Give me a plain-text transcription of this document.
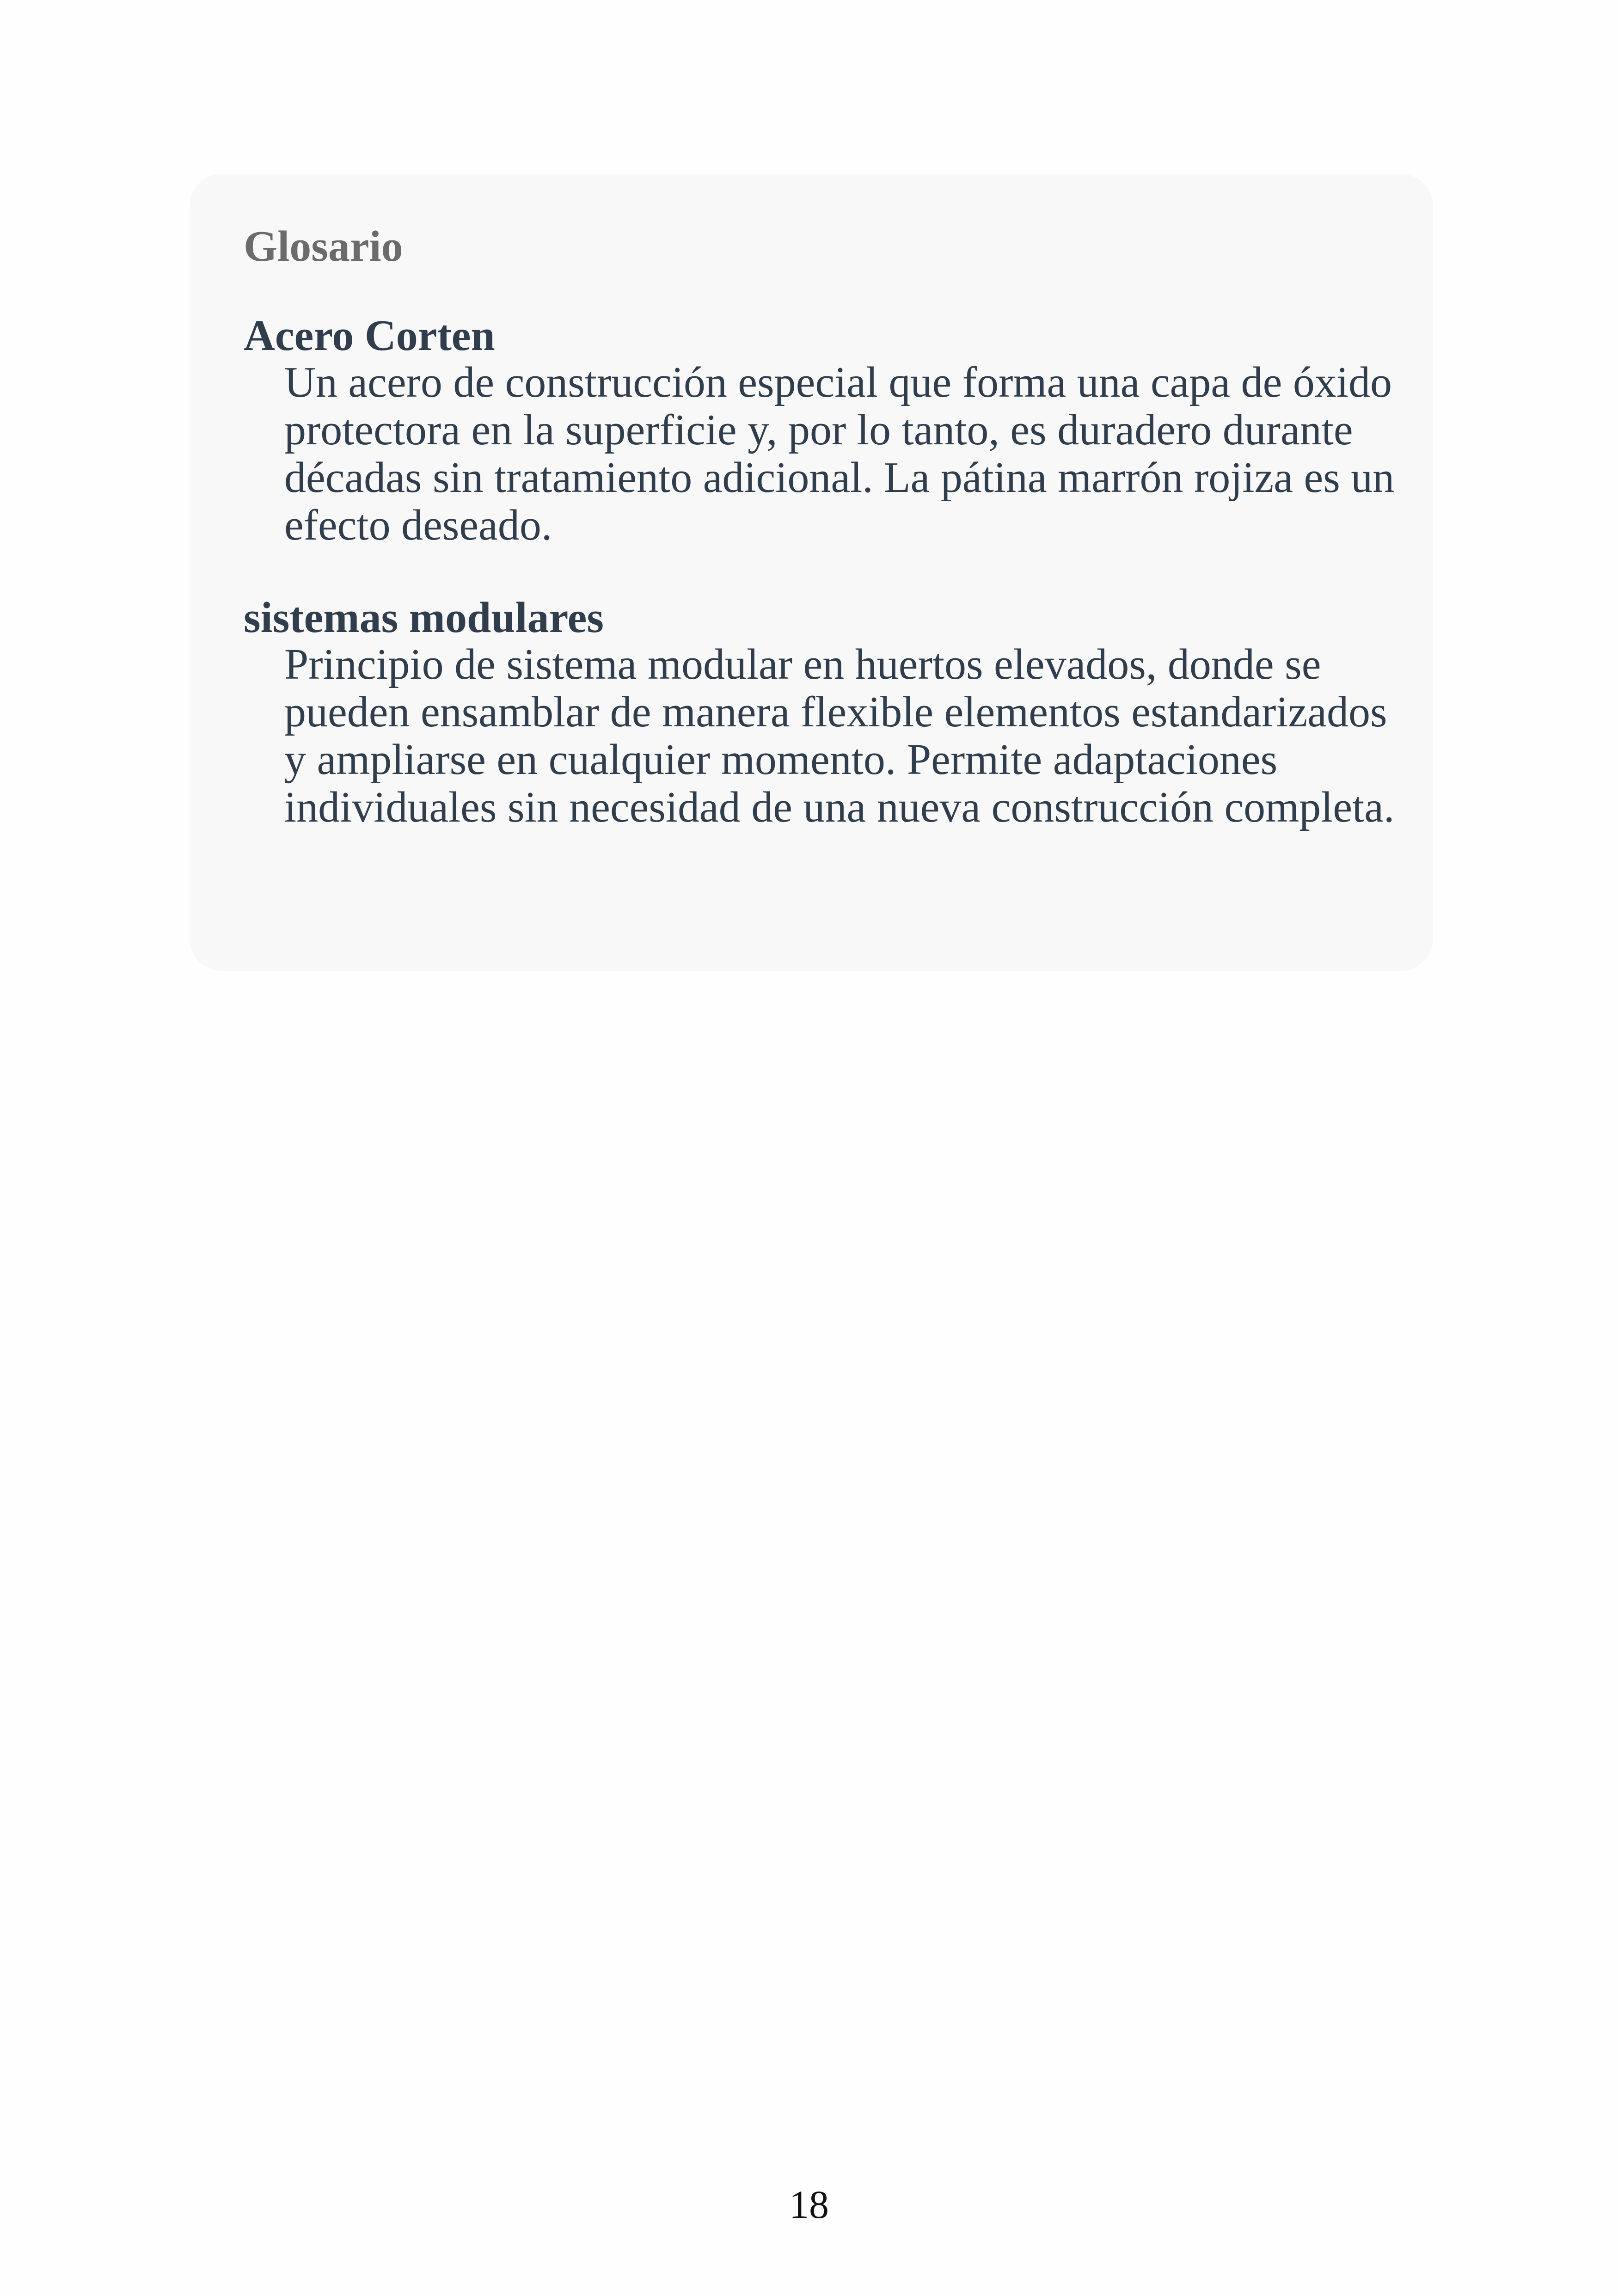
Glosario

Acero Corten

Un acero de construcción especial que forma una capa de óxido protectora en la superficie y, por lo tanto, es duradero durante décadas sin tratamiento adicional. La pátina marrón rojiza es un efecto deseado.

sistemas modulares

Principio de sistema modular en huertos elevados, donde se pueden ensamblar de manera flexible elementos estandarizados y ampliarse en cualquier momento. Permite adaptaciones individuales sin necesidad de una nueva construcción completa.

18
